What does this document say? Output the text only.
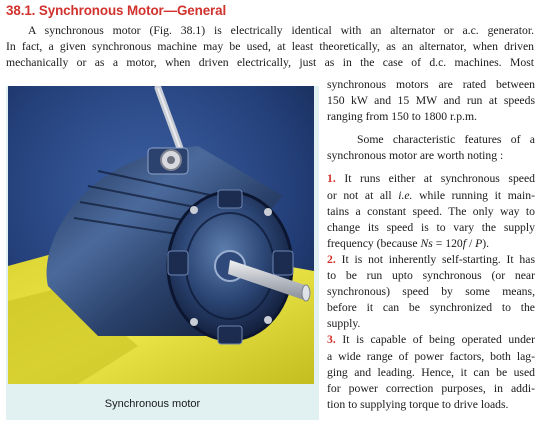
38.1. Synchronous Motor—General
A synchronous motor (Fig. 38.1) is electrically identical with an alternator or a.c. generator.
In fact, a given synchronous machine may be used, at least theoretically, as an alternator, when driven
mechanically or as a motor, when driven electrically, just as in the case of d.c. machines. Most
Synchronous motor
synchronous motors are rated between
150 kW and 15 MW and run at speeds
ranging from 150 to 1800 r.p.m.
Some characteristic features of a
synchronous motor are worth noting :
1. It runs either at synchronous speed
or not at all i.e. while running it main-
tains a constant speed. The only way to
change its speed is to vary the supply
frequency (because Ns = 120f / P).
2. It is not inherently self-starting. It has
to be run upto synchronous (or near
synchronous) speed by some means,
before it can be synchronized to the
supply.
3. It is capable of being operated under
a wide range of power factors, both lag-
ging and leading. Hence, it can be used
for power correction purposes, in addi-
tion to supplying torque to drive loads.
